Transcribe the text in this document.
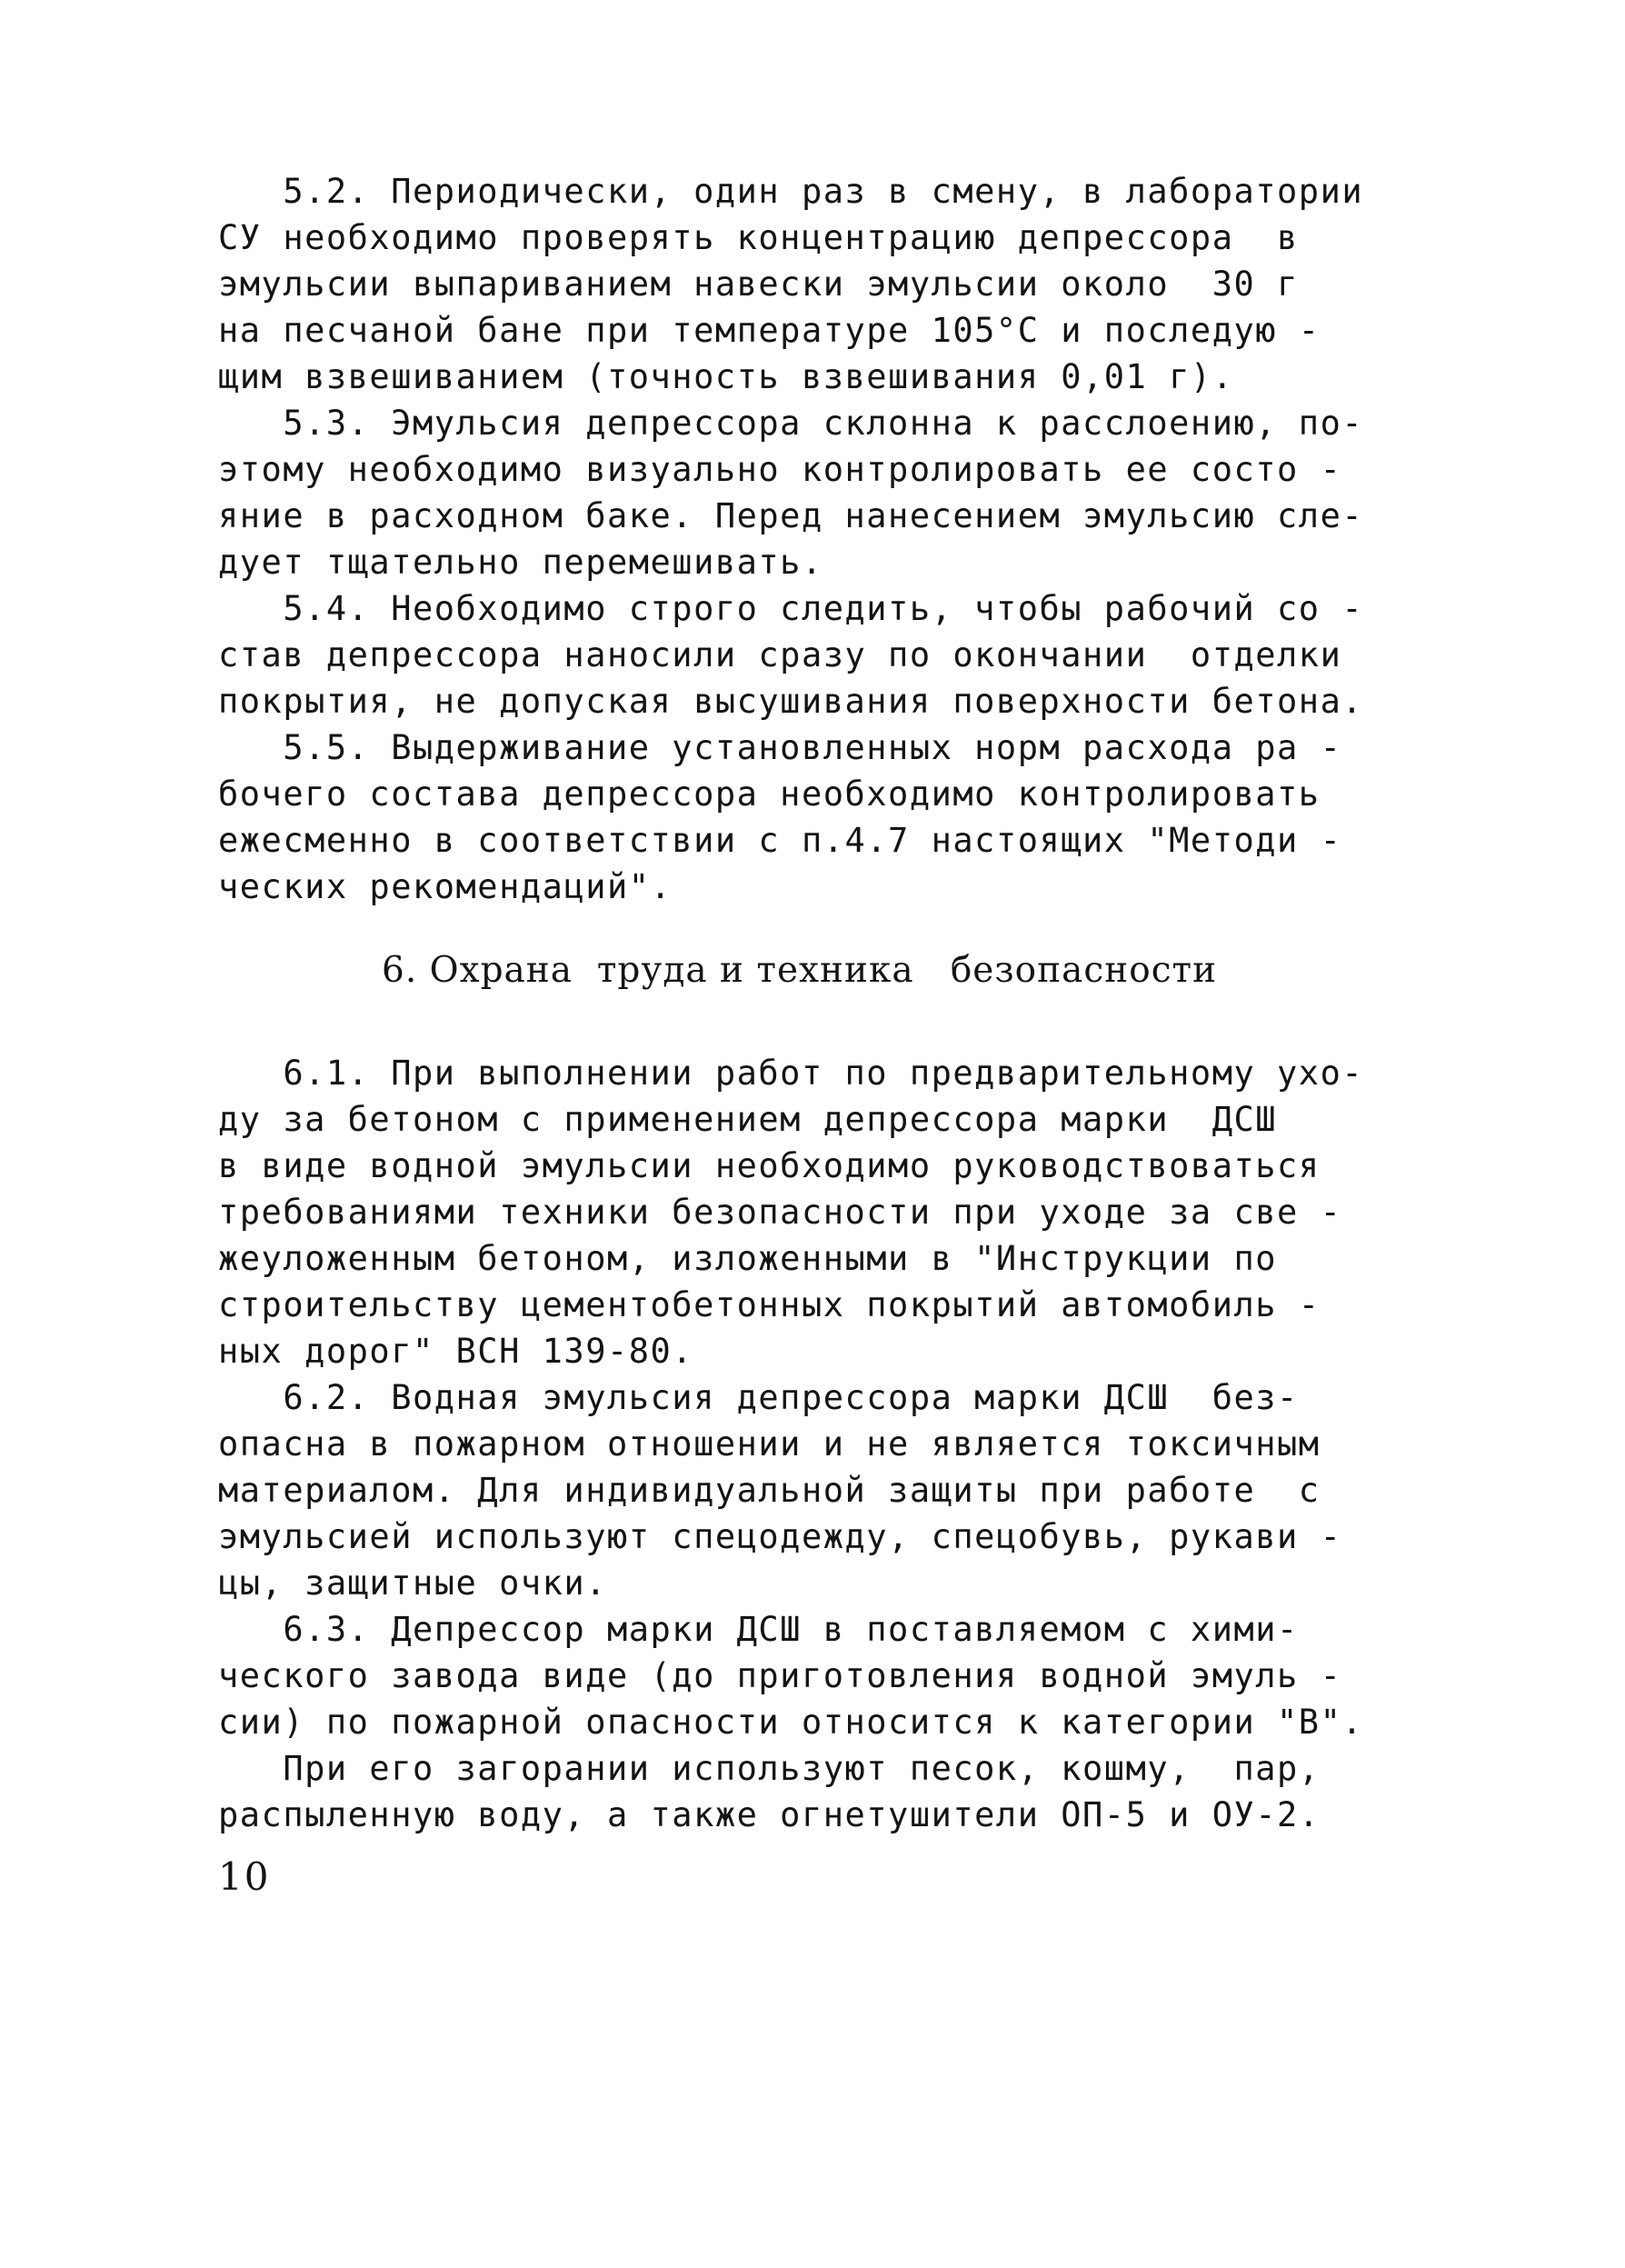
5.2. Периодически, один раз в смену, в лаборатории
СУ необходимо проверять концентрацию депрессора  в
эмульсии выпариванием навески эмульсии около  30 г
на песчаной бане при температуре 105°С и последую -
щим взвешиванием (точность взвешивания 0,01 г).
5.3. Эмульсия депрессора склонна к расслоению, по-
этому необходимо визуально контролировать ее состо -
яние в расходном баке. Перед нанесением эмульсию сле-
дует тщательно перемешивать.
5.4. Необходимо строго следить, чтобы рабочий со -
став депрессора наносили сразу по окончании  отделки
покрытия, не допуская высушивания поверхности бетона.
5.5. Выдерживание установленных норм расхода ра -
бочего состава депрессора необходимо контролировать
ежесменно в соответствии с п.4.7 настоящих "Методи -
ческих рекомендаций".
6. Охрана  труда и техника   безопасности
6.1. При выполнении работ по предварительному ухо-
ду за бетоном с применением депрессора марки  ДСШ
в виде водной эмульсии необходимо руководствоваться
требованиями техники безопасности при уходе за све -
жеуложенным бетоном, изложенными в "Инструкции по
строительству цементобетонных покрытий автомобиль -
ных дорог" ВСН 139-80.
6.2. Водная эмульсия депрессора марки ДСШ  без-
опасна в пожарном отношении и не является токсичным
материалом. Для индивидуальной защиты при работе  с
эмульсией используют спецодежду, спецобувь, рукави -
цы, защитные очки.
6.3. Депрессор марки ДСШ в поставляемом с хими-
ческого завода виде (до приготовления водной эмуль -
сии) по пожарной опасности относится к категории "В".
При его загорании используют песок, кошму,  пар,
распыленную воду, а также огнетушители ОП-5 и ОУ-2.
10
